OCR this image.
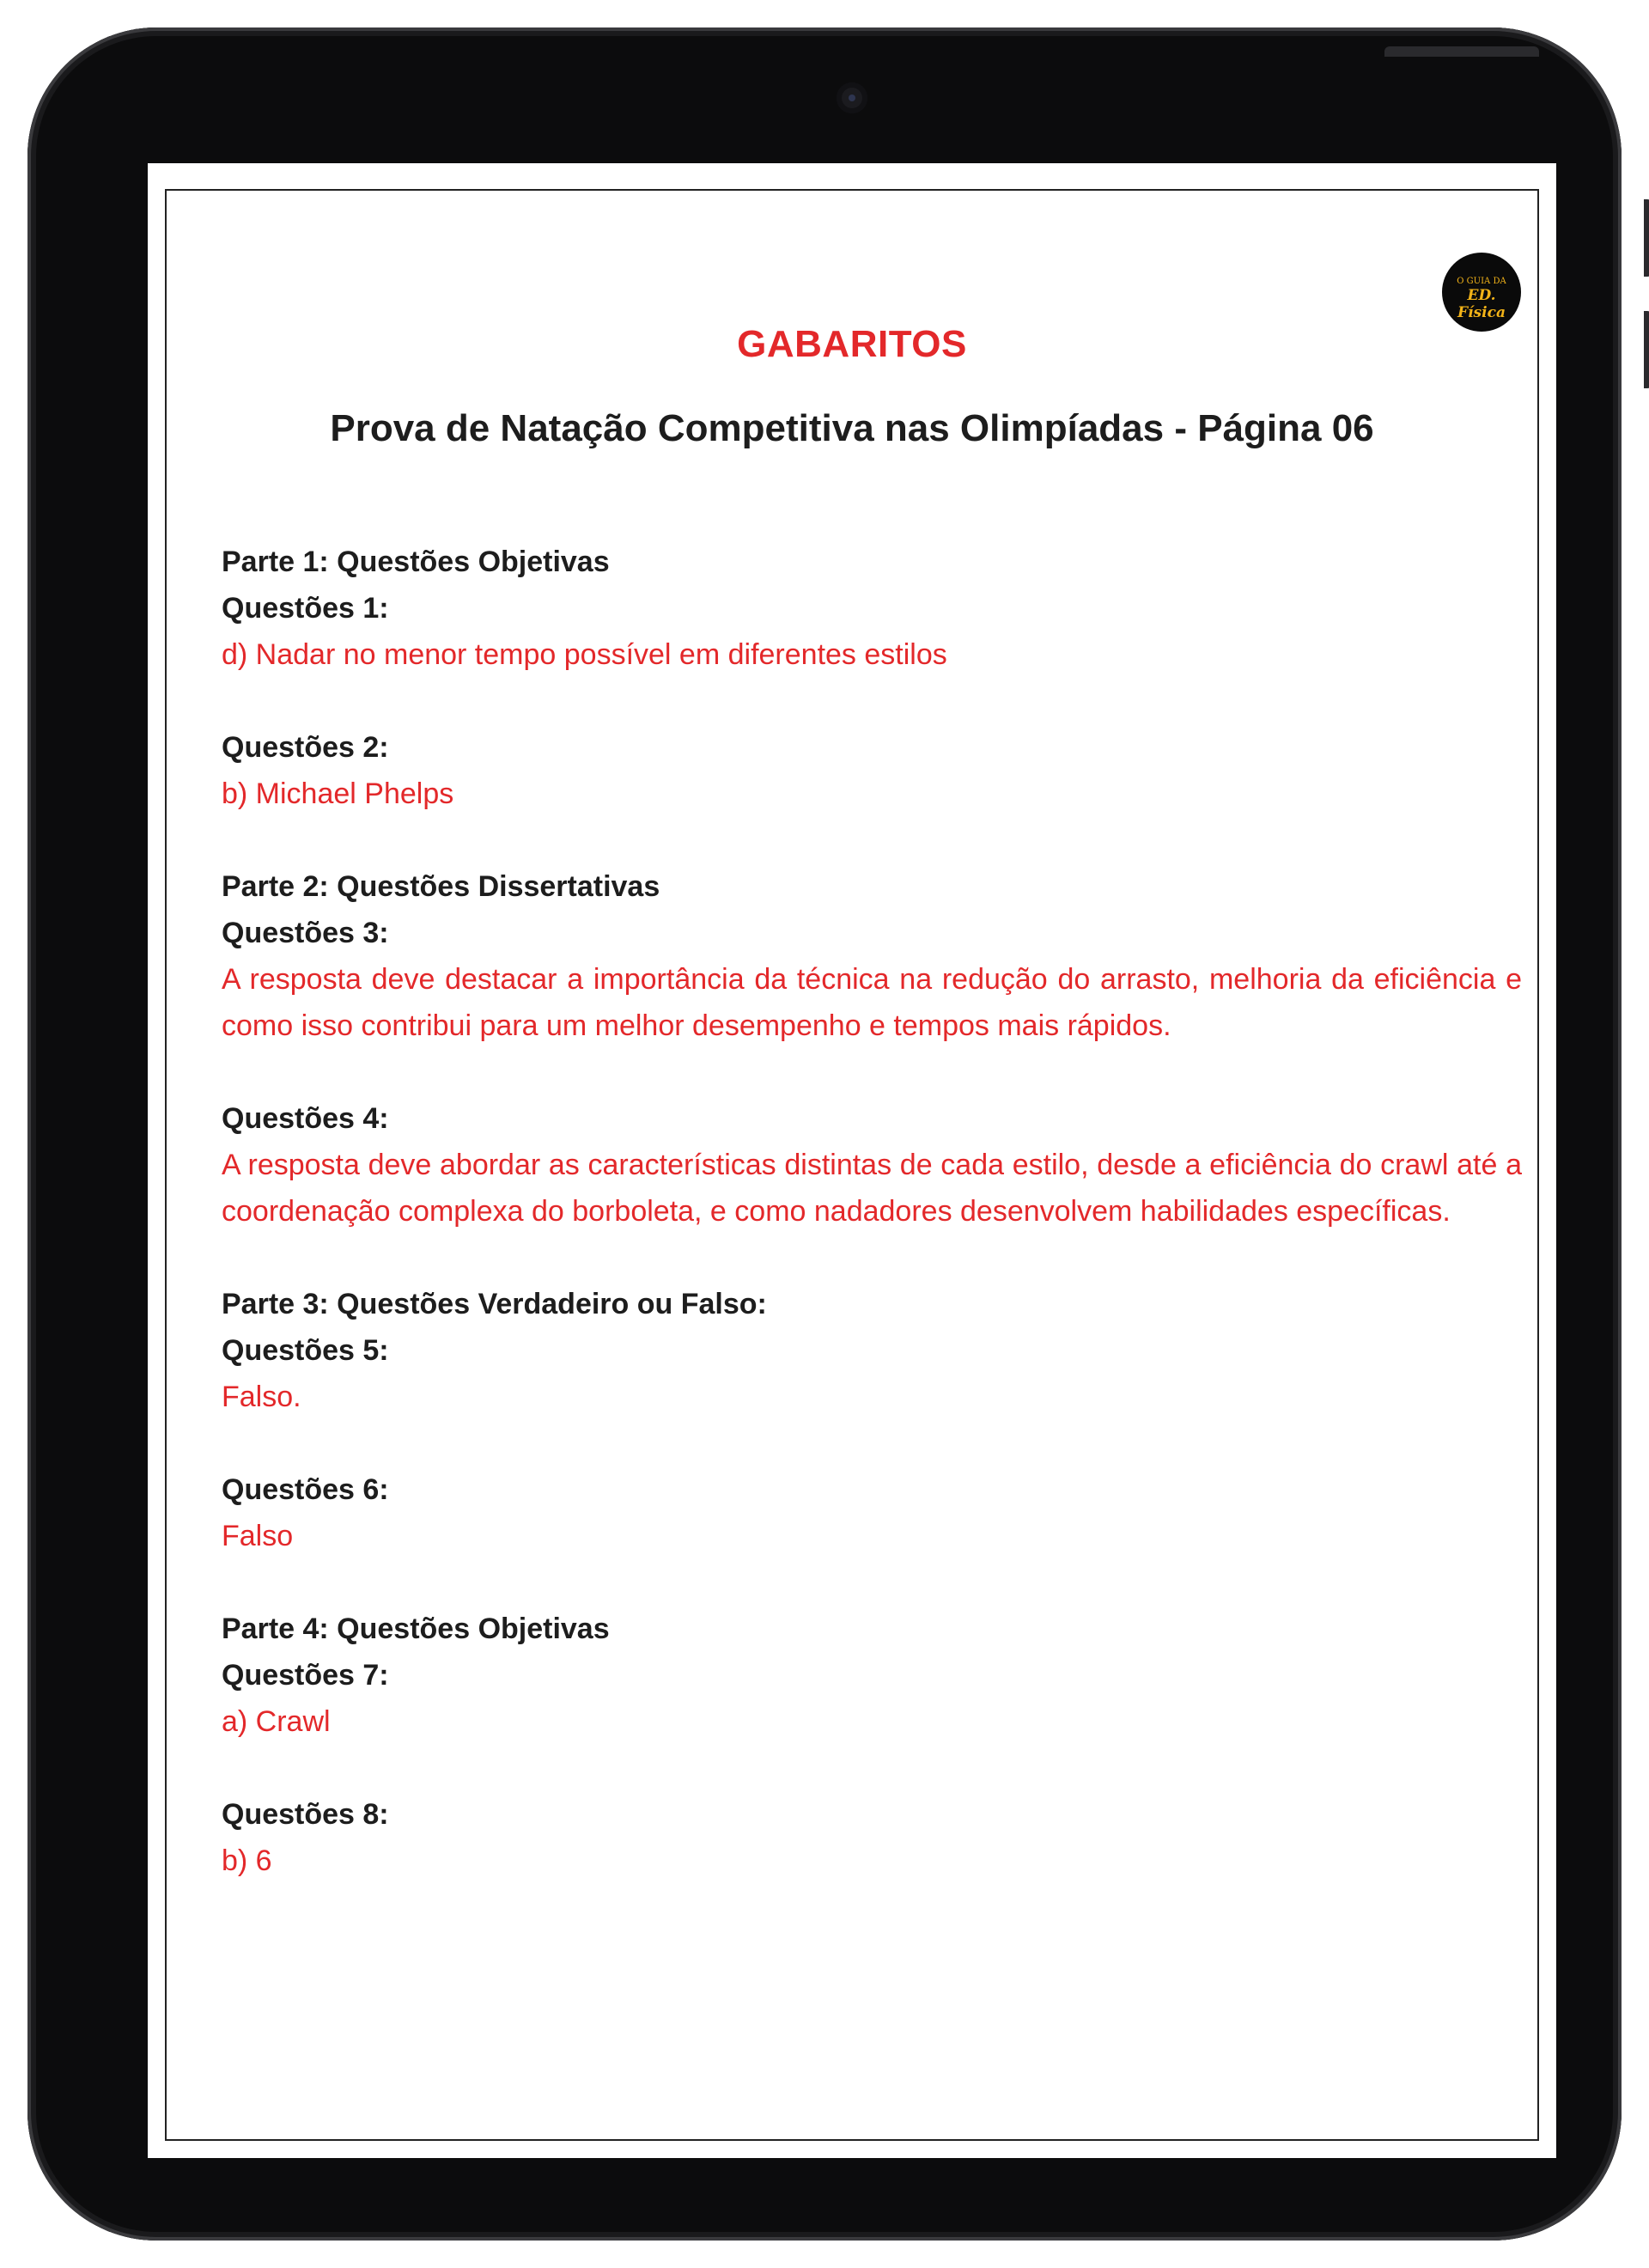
O GUIA DA
ED. Física
GABARITOS
Prova de Natação Competitiva nas Olimpíadas - Página 06

Parte 1: Questões Objetivas

Questões 1:

d) Nadar no menor tempo possível em diferentes estilos

Questões 2:

b) Michael Phelps

Parte 2: Questões Dissertativas

Questões 3:

A resposta deve destacar a importância da técnica na redução do arrasto, melhoria da eficiência e como isso contribui para um melhor desempenho e tempos mais rápidos.

Questões 4:

A resposta deve abordar as características distintas de cada estilo, desde a eficiência do crawl até a coordenação complexa do borboleta, e como nadadores desenvolvem habilidades específicas.

Parte 3: Questões Verdadeiro ou Falso:

Questões 5:

Falso.

Questões 6:

Falso

Parte 4: Questões Objetivas

Questões 7:

a) Crawl

Questões 8:

b) 6
